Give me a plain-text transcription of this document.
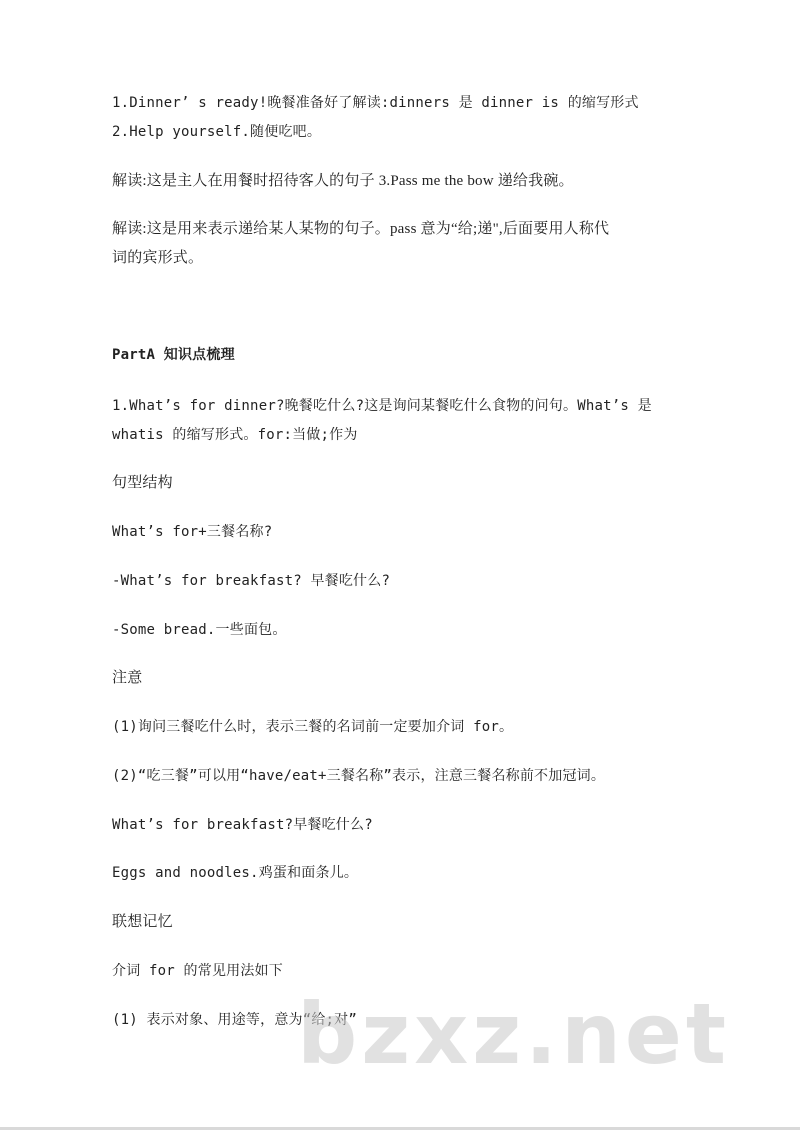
1.Dinner’ s ready!晚餐准备好了解读:dinners 是 dinner is 的缩写形式
2.Help yourself.随便吃吧。
解读:这是主人在用餐时招待客人的句子 3.Pass me the bow 递给我碗。
解读:这是用来表示递给某人某物的句子。pass 意为“给;递",后面要用人称代
词的宾形式。
PartA 知识点梳理
1.What’s for dinner?晚餐吃什么?这是询问某餐吃什么食物的问句。What’s 是
whatis 的缩写形式。for:当做;作为
句型结构
What’s for+三餐名称?
-What’s for breakfast? 早餐吃什么?
-Some bread.一些面包。
注意
(1)询问三餐吃什么时，表示三餐的名词前一定要加介词 for。
(2)“吃三餐”可以用“have/eat+三餐名称”表示，注意三餐名称前不加冠词。
What’s for breakfast?早餐吃什么?
Eggs and noodles.鸡蛋和面条儿。
联想记忆
介词 for 的常见用法如下
(1) 表示对象、用途等，意为“给;对”
bzxz.net
